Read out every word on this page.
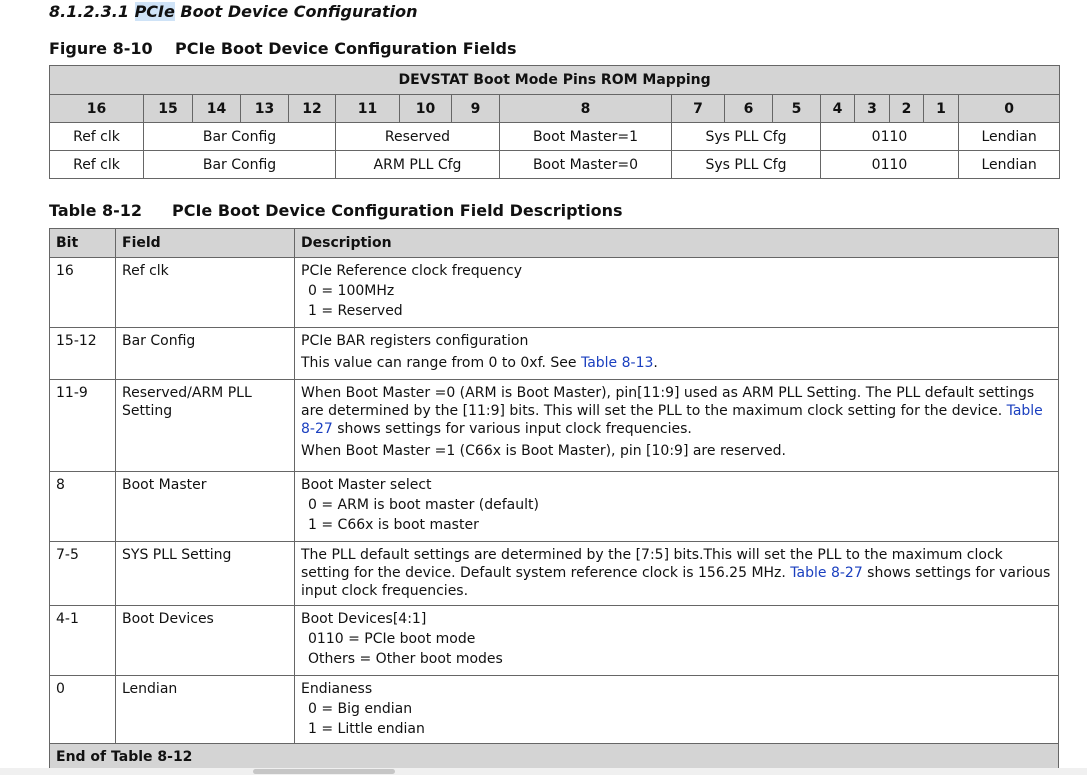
8.1.2.3.1 PCIe Boot Device Configuration
Figure 8-10 PCIe Boot Device Configuration Fields
DEVSTAT Boot Mode Pins ROM Mapping																
16	15	14	13	12	11	10	9	8	7	6	5	4	3	2	1	0
Ref clk	Bar Config				Reserved			Boot Master=1	Sys PLL Cfg			0110				Lendian
Ref clk	Bar Config				ARM PLL Cfg			Boot Master=0	Sys PLL Cfg			0110				Lendian
Table 8-12 PCIe Boot Device Configuration Field Descriptions
Bit	Field	Description
16	Ref clk	PCIe Reference clock frequency

0 = 100MHz

1 = Reserved

15-12	Bar Config	PCIe BAR registers configuration

This value can range from 0 to 0xf. See Table 8-13.

11-9	Reserved/ARM PLL Setting	When Boot Master =0 (ARM is Boot Master), pin[11:9] used as ARM PLL Setting. The PLL default settings are determined by the [11:9] bits. This will set the PLL to the maximum clock setting for the device. Table 8-27 shows settings for various input clock frequencies.

When Boot Master =1 (C66x is Boot Master), pin [10:9] are reserved.

8	Boot Master	Boot Master select

0 = ARM is boot master (default)

1 = C66x is boot master

7-5	SYS PLL Setting	The PLL default settings are determined by the [7:5] bits.This will set the PLL to the maximum clock setting for the device. Default system reference clock is 156.25 MHz. Table 8-27 shows settings for various input clock frequencies.

4-1	Boot Devices	Boot Devices[4:1]

0110 = PCIe boot mode

Others = Other boot modes

0	Lendian	Endianess

0 = Big endian

1 = Little endian

End of Table 8-12		
